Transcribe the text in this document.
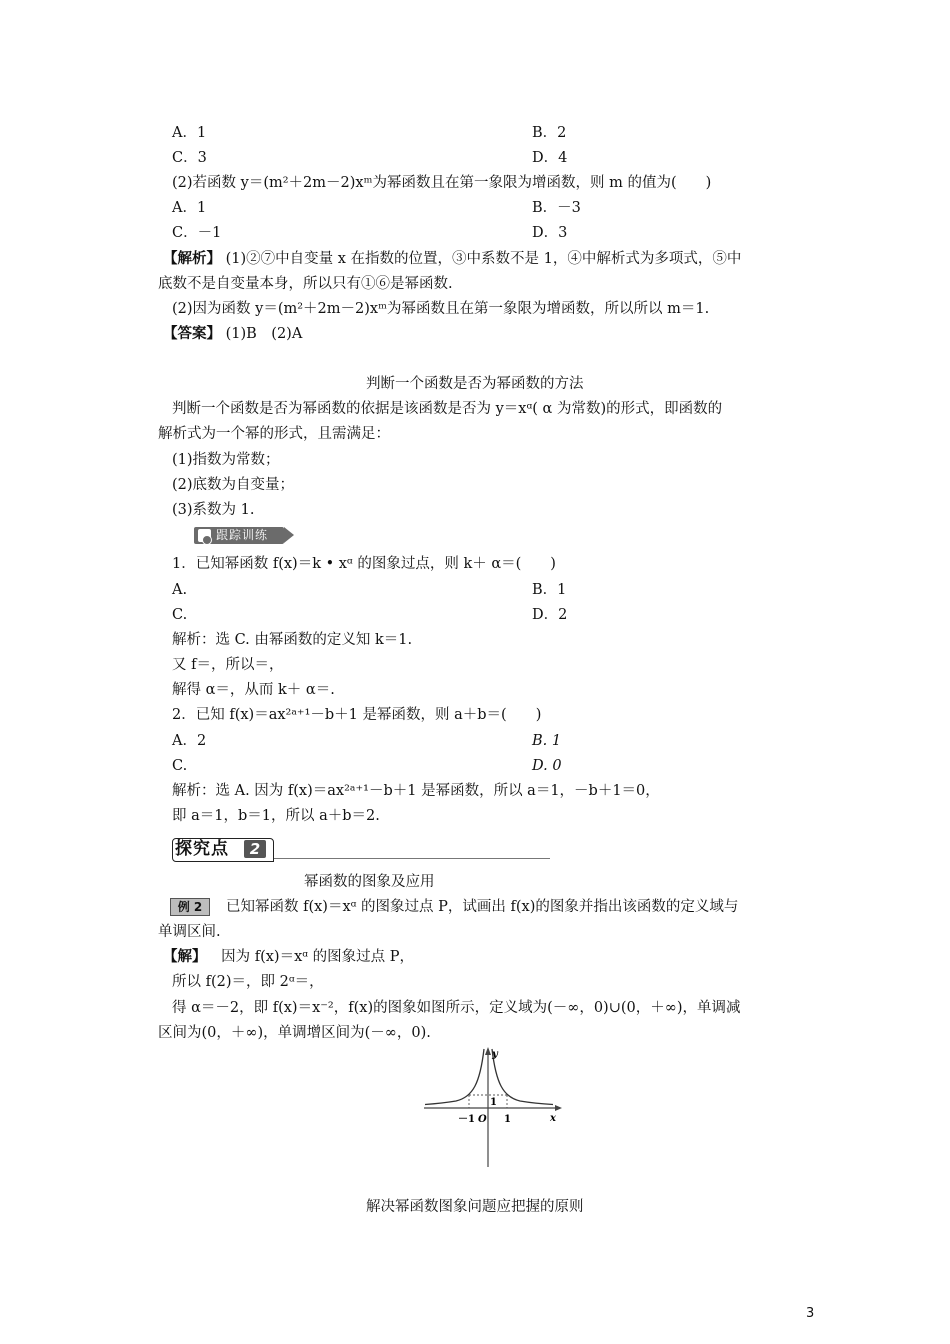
A．1	B．2
C．3	D．4
(2)若函数 y＝(m²＋2m－2)xᵐ为幂函数且在第一象限为增函数，则 m 的值为(　　)
A．1	B．－3
C．－1	D．3
【解析】 (1)②⑦中自变量 x 在指数的位置，③中系数不是 1，④中解析式为多项式，⑤中
底数不是自变量本身，所以只有①⑥是幂函数.
(2)因为函数 y＝(m²＋2m－2)xᵐ为幂函数且在第一象限为增函数，所以所以 m＝1.
【答案】 (1)B　(2)A
判断一个函数是否为幂函数的方法
判断一个函数是否为幂函数的依据是该函数是否为 y＝xᵅ( α 为常数)的形式，即函数的
解析式为一个幂的形式，且需满足：
(1)指数为常数；
(2)底数为自变量；
(3)系数为 1.
跟踪训练
1．已知幂函数 f(x)＝k • xᵅ 的图象过点，则 k＋ α＝(　　)
A.	B．1
C.	D．2
解析：选 C. 由幂函数的定义知 k＝1.
又 f＝，所以＝，
解得 α＝，从而 k＋ α＝.
2．已知 f(x)＝ax²ᵃ⁺¹－b＋1 是幂函数，则 a＋b＝(　　)
A．2	B. 1
C.	D. 0
解析：选 A. 因为 f(x)＝ax²ᵃ⁺¹－b＋1 是幂函数，所以 a＝1，－b＋1＝0，
即 a＝1，b＝1，所以 a＋b＝2.
探究点	2
幂函数的图象及应用
例 2	已知幂函数 f(x)＝xᵅ 的图象过点 P，试画出 f(x)的图象并指出该函数的定义域与
单调区间.
【解】 因为 f(x)＝xᵅ 的图象过点 P，
所以 f(2)＝，即 2ᵅ＝，
得 α＝－2，即 f(x)＝x⁻²，f(x)的图象如图所示，定义域为(－∞，0)∪(0，＋∞)，单调减
区间为(0，＋∞)，单调增区间为(－∞，0).
y
x
O
－1	1
1
解决幂函数图象问题应把握的原则
3
